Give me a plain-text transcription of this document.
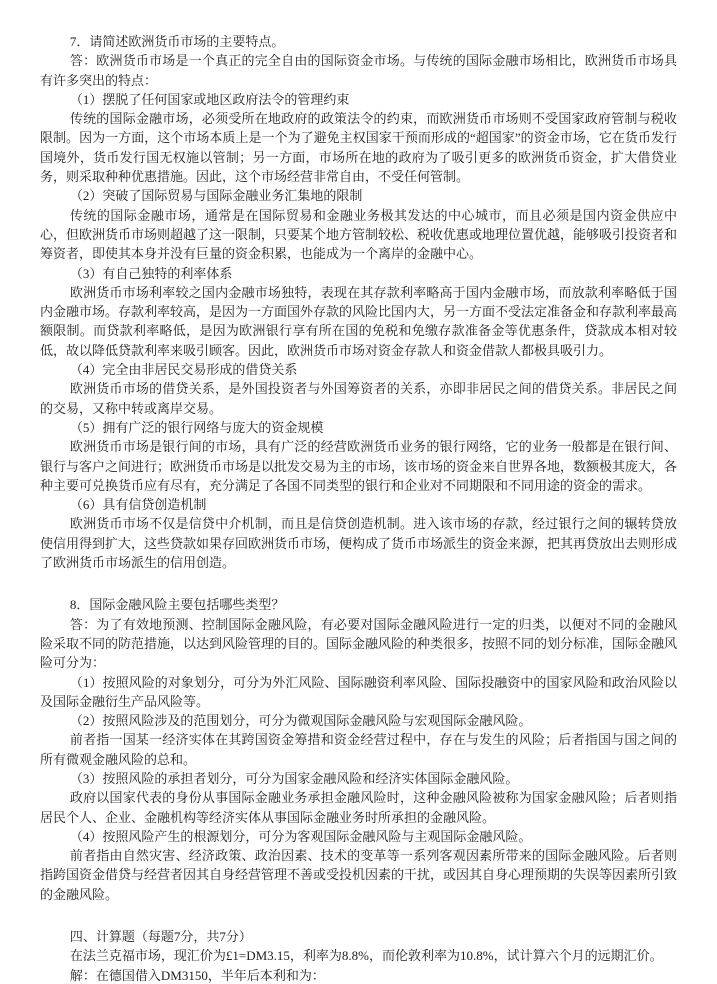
7．请简述欧洲货币市场的主要特点。

答：欧洲货币市场是一个真正的完全自由的国际资金市场。与传统的国际金融市场相比，欧洲货币市场具有许多突出的特点：

（1）摆脱了任何国家或地区政府法令的管理约束

传统的国际金融市场，必须受所在地政府的政策法令的约束，而欧洲货币市场则不受国家政府管制与税收限制。因为一方面，这个市场本质上是一个为了避免主权国家干预而形成的“超国家”的资金市场，它在货币发行国境外，货币发行国无权施以管制；另一方面，市场所在地的政府为了吸引更多的欧洲货币资金，扩大借贷业务，则采取种种优惠措施。因此，这个市场经营非常自由，不受任何管制。

（2）突破了国际贸易与国际金融业务汇集地的限制

传统的国际金融市场，通常是在国际贸易和金融业务极其发达的中心城市，而且必须是国内资金供应中心，但欧洲货币市场则超越了这一限制，只要某个地方管制较松、税收优惠或地理位置优越，能够吸引投资者和筹资者，即使其本身并没有巨量的资金积累，也能成为一个离岸的金融中心。

（3）有自己独特的利率体系

欧洲货币市场利率较之国内金融市场独特，表现在其存款利率略高于国内金融市场，而放款利率略低于国内金融市场。存款利率较高，是因为一方面国外存款的风险比国内大，另一方面不受法定准备金和存款利率最高额限制。而贷款利率略低，是因为欧洲银行享有所在国的免税和免缴存款准备金等优惠条件，贷款成本相对较低，故以降低贷款利率来吸引顾客。因此，欧洲货币市场对资金存款人和资金借款人都极具吸引力。

（4）完全由非居民交易形成的借贷关系

欧洲货币市场的借贷关系，是外国投资者与外国筹资者的关系，亦即非居民之间的借贷关系。非居民之间的交易，又称中转或离岸交易。

（5）拥有广泛的银行网络与庞大的资金规模

欧洲货币市场是银行间的市场，具有广泛的经营欧洲货币业务的银行网络，它的业务一般都是在银行间、银行与客户之间进行；欧洲货币市场是以批发交易为主的市场，该市场的资金来自世界各地，数额极其庞大，各种主要可兑换货币应有尽有，充分满足了各国不同类型的银行和企业对不同期限和不同用途的资金的需求。

（6）具有信贷创造机制

欧洲货币市场不仅是信贷中介机制，而且是信贷创造机制。进入该市场的存款，经过银行之间的辗转贷放使信用得到扩大，这些贷款如果存回欧洲货币市场，便构成了货币市场派生的资金来源，把其再贷放出去则形成了欧洲货币市场派生的信用创造。

8．国际金融风险主要包括哪些类型？

答：为了有效地预测、控制国际金融风险，有必要对国际金融风险进行一定的归类，以便对不同的金融风险采取不同的防范措施，以达到风险管理的目的。国际金融风险的种类很多，按照不同的划分标准，国际金融风险可分为：

（1）按照风险的对象划分，可分为外汇风险、国际融资利率风险、国际投融资中的国家风险和政治风险以及国际金融衍生产品风险等。

（2）按照风险涉及的范围划分，可分为微观国际金融风险与宏观国际金融风险。

前者指一国某一经济实体在其跨国资金筹措和资金经营过程中，存在与发生的风险；后者指国与国之间的所有微观金融风险的总和。

（3）按照风险的承担者划分，可分为国家金融风险和经济实体国际金融风险。

政府以国家代表的身份从事国际金融业务承担金融风险时，这种金融风险被称为国家金融风险；后者则指居民个人、企业、金融机构等经济实体从事国际金融业务时所承担的金融风险。

（4）按照风险产生的根源划分，可分为客观国际金融风险与主观国际金融风险。

前者指由自然灾害、经济政策、政治因素、技术的变革等一系列客观因素所带来的国际金融风险。后者则指跨国资金借贷与经营者因其自身经营管理不善或受投机因素的干扰，或因其自身心理预期的失误等因素所引致的金融风险。

四、计算题（每题7分，共7分）

在法兰克福市场，现汇价为£1=DM3.15，利率为8.8%，而伦敦利率为10.8%，试计算六个月的远期汇价。

解：在德国借入DM3150，半年后本利和为：
